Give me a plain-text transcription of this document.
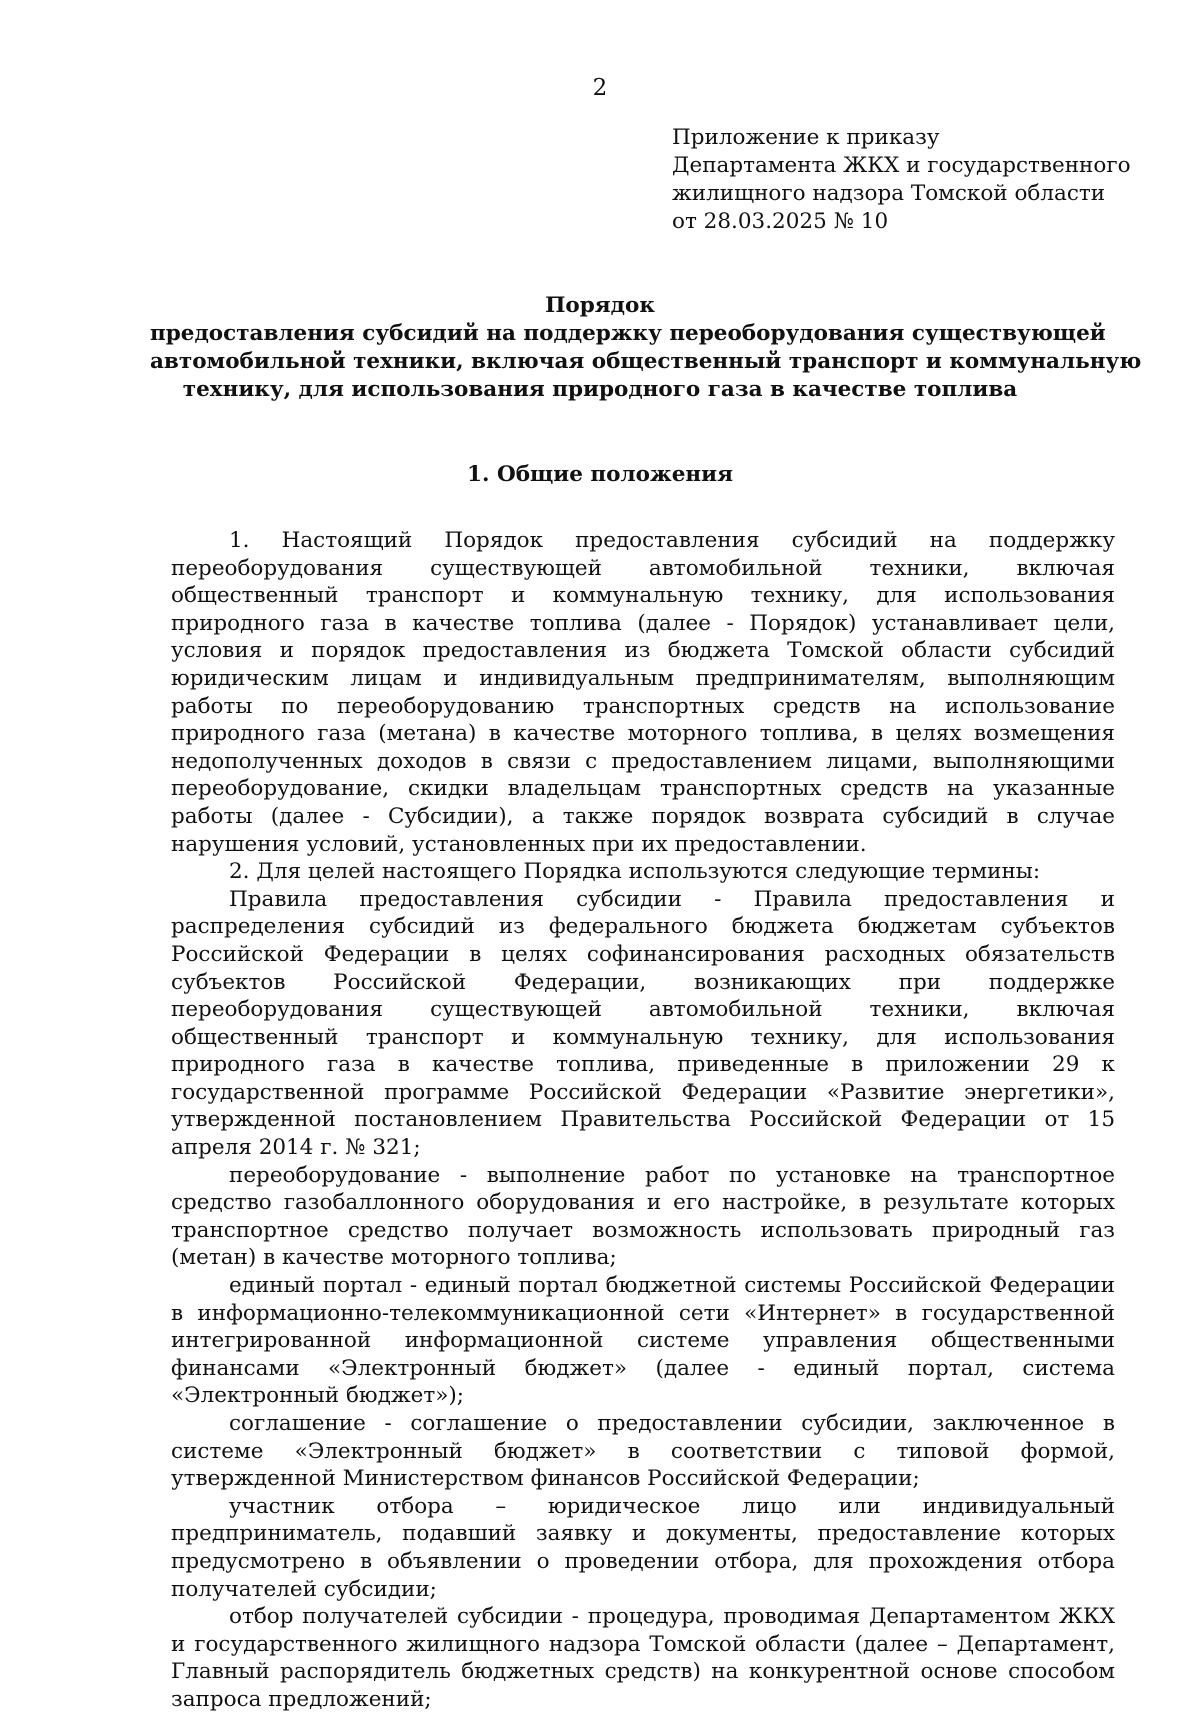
2
Приложение к приказу
Департамента ЖКХ и государственного
жилищного надзора Томской области
от 28.03.2025 № 10
Порядок
предоставления субсидий на поддержку переоборудования существующей
автомобильной техники, включая общественный транспорт и коммунальную
технику, для использования природного газа в качестве топлива
1. Общие положения

1. Настоящий Порядок предоставления субсидий на поддержку переоборудования существующей автомобильной техники, включая общественный транспорт и коммунальную технику, для использования природного газа в качестве топлива (далее - Порядок) устанавливает цели, условия и порядок предоставления из бюджета Томской области субсидий юридическим лицам и индивидуальным предпринимателям, выполняющим работы по переоборудованию транспортных средств на использование природного газа (метана) в качестве моторного топлива, в целях возмещения недополученных доходов в связи с предоставлением лицами, выполняющими переоборудование, скидки владельцам транспортных средств на указанные работы (далее - Субсидии), а также порядок возврата субсидий в случае нарушения условий, установленных при их предоставлении.

2. Для целей настоящего Порядка используются следующие термины:

Правила предоставления субсидии - Правила предоставления и распределения субсидий из федерального бюджета бюджетам субъектов Российской Федерации в целях софинансирования расходных обязательств субъектов Российской Федерации, возникающих при поддержке переоборудования существующей автомобильной техники, включая общественный транспорт и коммунальную технику, для использования природного газа в качестве топлива, приведенные в приложении 29 к государственной программе Российской Федерации «Развитие энергетики», утвержденной постановлением Правительства Российской Федерации от 15 апреля 2014 г. № 321;

переоборудование - выполнение работ по установке на транспортное средство газобаллонного оборудования и его настройке, в результате которых транспортное средство получает возможность использовать природный газ (метан) в качестве моторного топлива;

единый портал - единый портал бюджетной системы Российской Федерации в информационно-телекоммуникационной сети «Интернет» в государственной интегрированной информационной системе управления общественными финансами «Электронный бюджет» (далее - единый портал, система «Электронный бюджет»);

соглашение - соглашение о предоставлении субсидии, заключенное в системе «Электронный бюджет» в соответствии с типовой формой, утвержденной Министерством финансов Российской Федерации;

участник отбора – юридическое лицо или индивидуальный предприниматель, подавший заявку и документы, предоставление которых предусмотрено в объявлении о проведении отбора, для прохождения отбора получателей субсидии;

отбор получателей субсидии - процедура, проводимая Департаментом ЖКХ и государственного жилищного надзора Томской области (далее – Департамент, Главный распорядитель бюджетных средств) на конкурентной основе способом запроса предложений;
